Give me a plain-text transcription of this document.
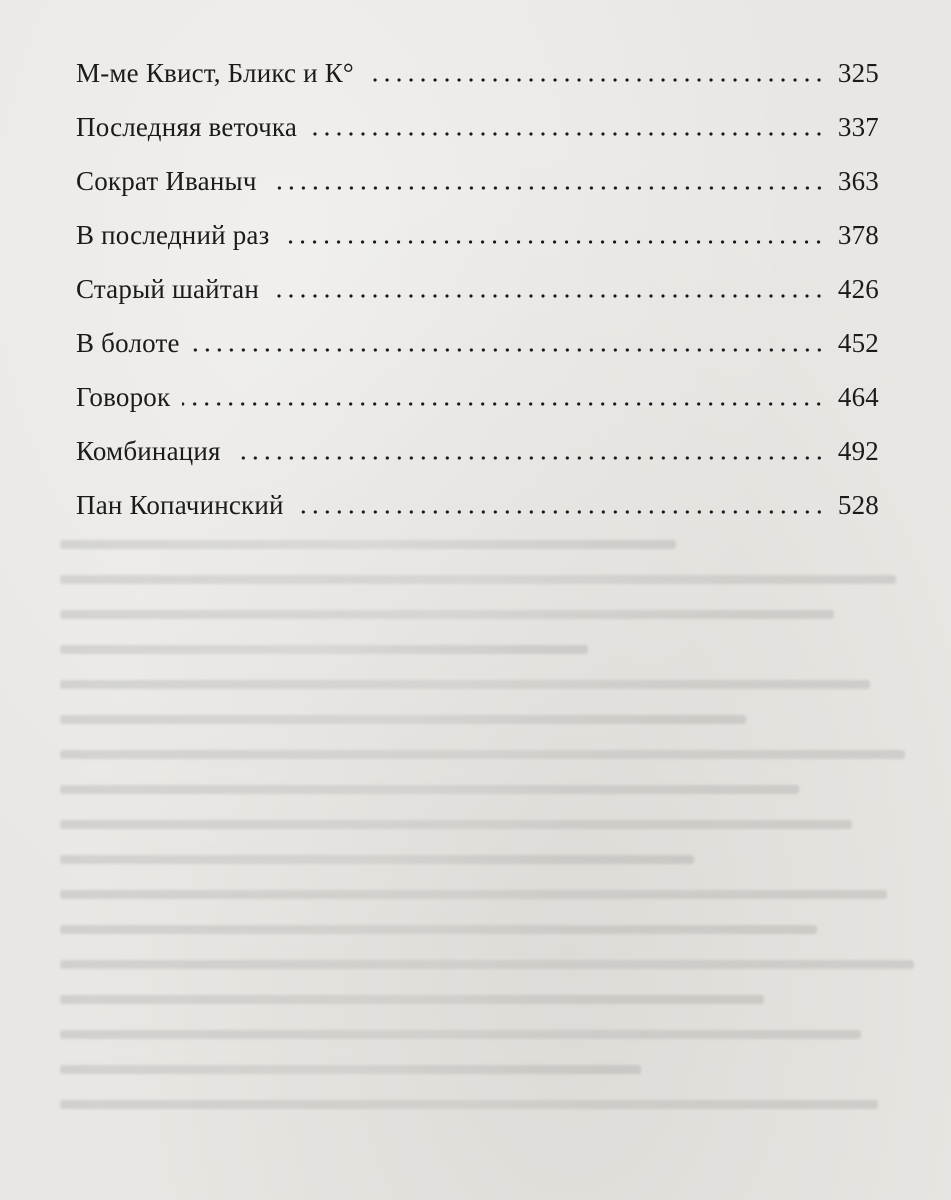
М-ме Квист, Бликс и К°	325
Последняя веточка	337
Сократ Иваныч	363
В последний раз	378
Старый шайтан	426
В болоте	452
Говорок	464
Комбинация	492
Пан Копачинский	528
